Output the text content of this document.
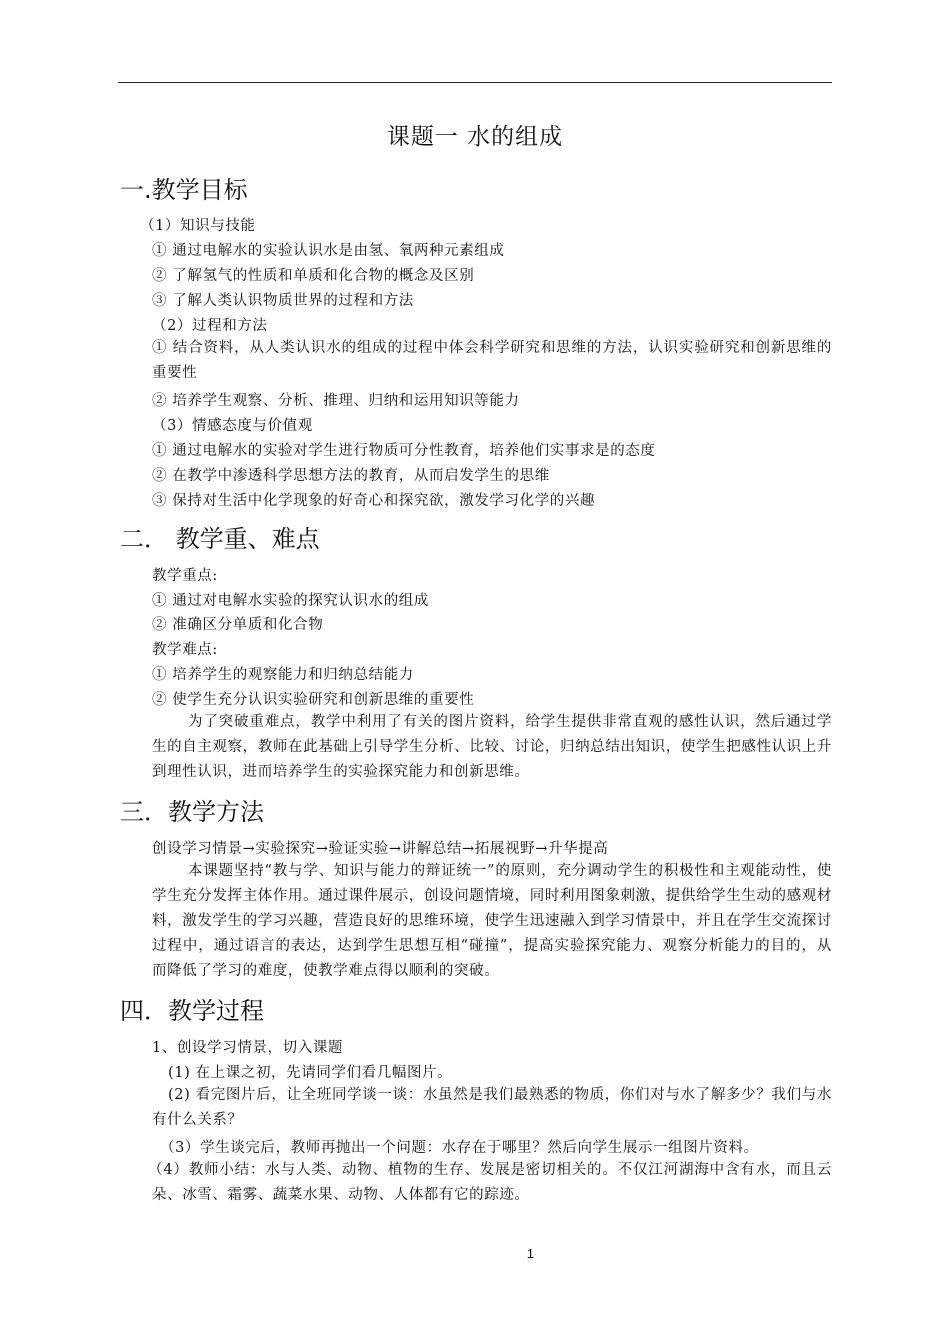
课题一 水的组成
一.教学目标
（1）知识与技能
① 通过电解水的实验认识水是由氢、氧两种元素组成
② 了解氢气的性质和单质和化合物的概念及区别
③ 了解人类认识物质世界的过程和方法
（2）过程和方法
① 结合资料，从人类认识水的组成的过程中体会科学研究和思维的方法，认识实验研究和创新思维的重要性
② 培养学生观察、分析、推理、归纳和运用知识等能力
（3）情感态度与价值观
① 通过电解水的实验对学生进行物质可分性教育，培养他们实事求是的态度
② 在教学中渗透科学思想方法的教育，从而启发学生的思维
③ 保持对生活中化学现象的好奇心和探究欲，激发学习化学的兴趣
二． 教学重、难点
教学重点:
① 通过对电解水实验的探究认识水的组成
② 准确区分单质和化合物
教学难点:
① 培养学生的观察能力和归纳总结能力
② 使学生充分认识实验研究和创新思维的重要性
为了突破重难点，教学中利用了有关的图片资料，给学生提供非常直观的感性认识，然后通过学生的自主观察，教师在此基础上引导学生分析、比较、讨论，归纳总结出知识，使学生把感性认识上升到理性认识，进而培养学生的实验探究能力和创新思维。
三．教学方法
创设学习情景→实验探究→验证实验→讲解总结→拓展视野→升华提高
本课题坚持“教与学、知识与能力的辩证统一”的原则，充分调动学生的积极性和主观能动性，使学生充分发挥主体作用。通过课件展示，创设问题情境，同时利用图象刺激，提供给学生生动的感观材料，激发学生的学习兴趣，营造良好的思维环境，使学生迅速融入到学习情景中，并且在学生交流探讨过程中，通过语言的表达，达到学生思想互相“碰撞”，提高实验探究能力、观察分析能力的目的，从而降低了学习的难度，使教学难点得以顺利的突破。
四．教学过程
1、创设学习情景，切入课题
(1) 在上课之初，先请同学们看几幅图片。
(2) 看完图片后，让全班同学谈一谈：水虽然是我们最熟悉的物质，你们对与水了解多少？我们与水有什么关系？
（3）学生谈完后，教师再抛出一个问题：水存在于哪里？然后向学生展示一组图片资料。
（4）教师小结：水与人类、动物、植物的生存、发展是密切相关的。不仅江河湖海中含有水，而且云朵、冰雪、霜雾、蔬菜水果、动物、人体都有它的踪迹。
1
